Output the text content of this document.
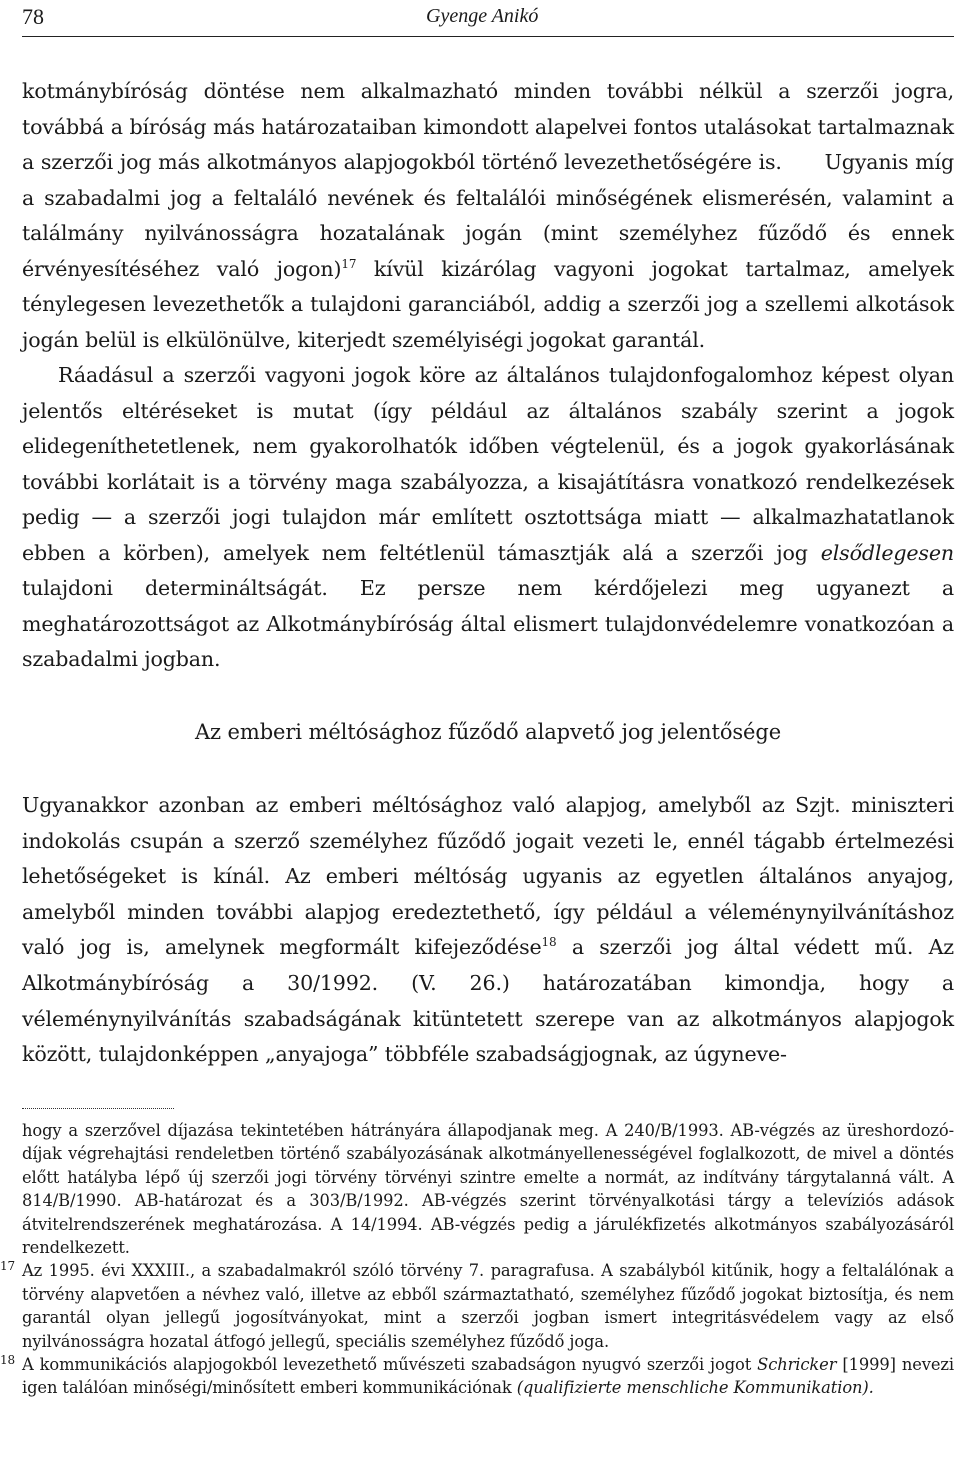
78	Gyenge Anikó

kotmánybíróság döntése nem alkalmazható minden további nélkül a szerzői jogra, továbbá a bíróság más határozataiban kimondott alapelvei fontos utalásokat tartalmaznak a szerzői jog más alkotmányos alapjogokból történő levezethetőségére is. Ugyanis míg a szabadalmi jog a feltaláló nevének és feltalálói minőségének elismerésén, valamint a találmány nyilvánosságra hozatalának jogán (mint személyhez fűződő és ennek érvényesítéséhez való jogon)$^{17}$ kívül kizárólag vagyoni jogokat tartalmaz, amelyek ténylegesen levezethetők a tulajdoni garanciából, addig a szerzői jog a szellemi alkotások jogán belül is elkülönülve, kiterjedt személyiségi jogokat garantál.

Ráadásul a szerzői vagyoni jogok köre az általános tulajdonfogalomhoz képest olyan jelentős eltéréseket is mutat (így például az általános szabály szerint a jogok elidegeníthetetlenek, nem gyakorolhatók időben végtelenül, és a jogok gyakorlásának további korlátait is a törvény maga szabályozza, a kisajátításra vonatkozó rendelkezések pedig — a szerzői jogi tulajdon már említett osztottsága miatt — alkalmazhatatlanok ebben a körben), amelyek nem feltétlenül támasztják alá a szerzői jog elsődlegesen tulajdoni determináltságát. Ez persze nem kérdőjelezi meg ugyanezt a meghatározottságot az Alkotmánybíróság által elismert tulajdonvédelemre vonatkozóan a szabadalmi jogban.

Az emberi méltósághoz fűződő alapvető jog jelentősége

Ugyanakkor azonban az emberi méltósághoz való alapjog, amelyből az Szjt. miniszteri indokolás csupán a szerző személyhez fűződő jogait vezeti le, ennél tágabb értelmezési lehetőségeket is kínál. Az emberi méltóság ugyanis az egyetlen általános anyajog, amelyből minden további alapjog eredeztethető, így például a véleménynyilvánításhoz való jog is, amelynek megformált kifejeződése$^{18}$ a szerzői jog által védett mű. Az Alkotmánybíróság a 30/1992. (V. 26.) határozatában kimondja, hogy a véleménynyilvánítás szabadságának kitüntetett szerepe van az alkotmányos alapjogok között, tulajdonképpen „anyajoga” többféle szabadságjognak, az úgyneve-

hogy a szerzővel díjazása tekintetében hátrányára állapodjanak meg. A 240/B/1993. AB-végzés az üreshordozó-díjak végrehajtási rendeletben történő szabályozásának alkotmányellenességével foglalkozott, de mivel a döntés előtt hatályba lépő új szerzői jogi törvény törvényi szintre emelte a normát, az indítvány tárgytalanná vált. A 814/B/1990. AB-határozat és a 303/B/1992. AB-végzés szerint törvényalkotási tárgy a televíziós adások átvitelrendszerének meghatározása. A 14/1994. AB-végzés pedig a járulékfizetés alkotmányos szabályozásáról rendelkezett.
17 Az 1995. évi XXXIII., a szabadalmakról szóló törvény 7. paragrafusa. A szabályból kitűnik, hogy a feltalálónak a törvény alapvetően a névhez való, illetve az ebből származtatható, személyhez fűződő jogokat biztosítja, és nem garantál olyan jellegű jogosítványokat, mint a szerzői jogban ismert integritásvédelem vagy az első nyilvánosságra hozatal átfogó jellegű, speciális személyhez fűződő joga.
18 A kommunikációs alapjogokból levezethető művészeti szabadságon nyugvó szerzői jogot Schricker [1999] nevezi igen találóan minőségi/minősített emberi kommunikációnak (qualifizierte menschliche Kommunikation).
